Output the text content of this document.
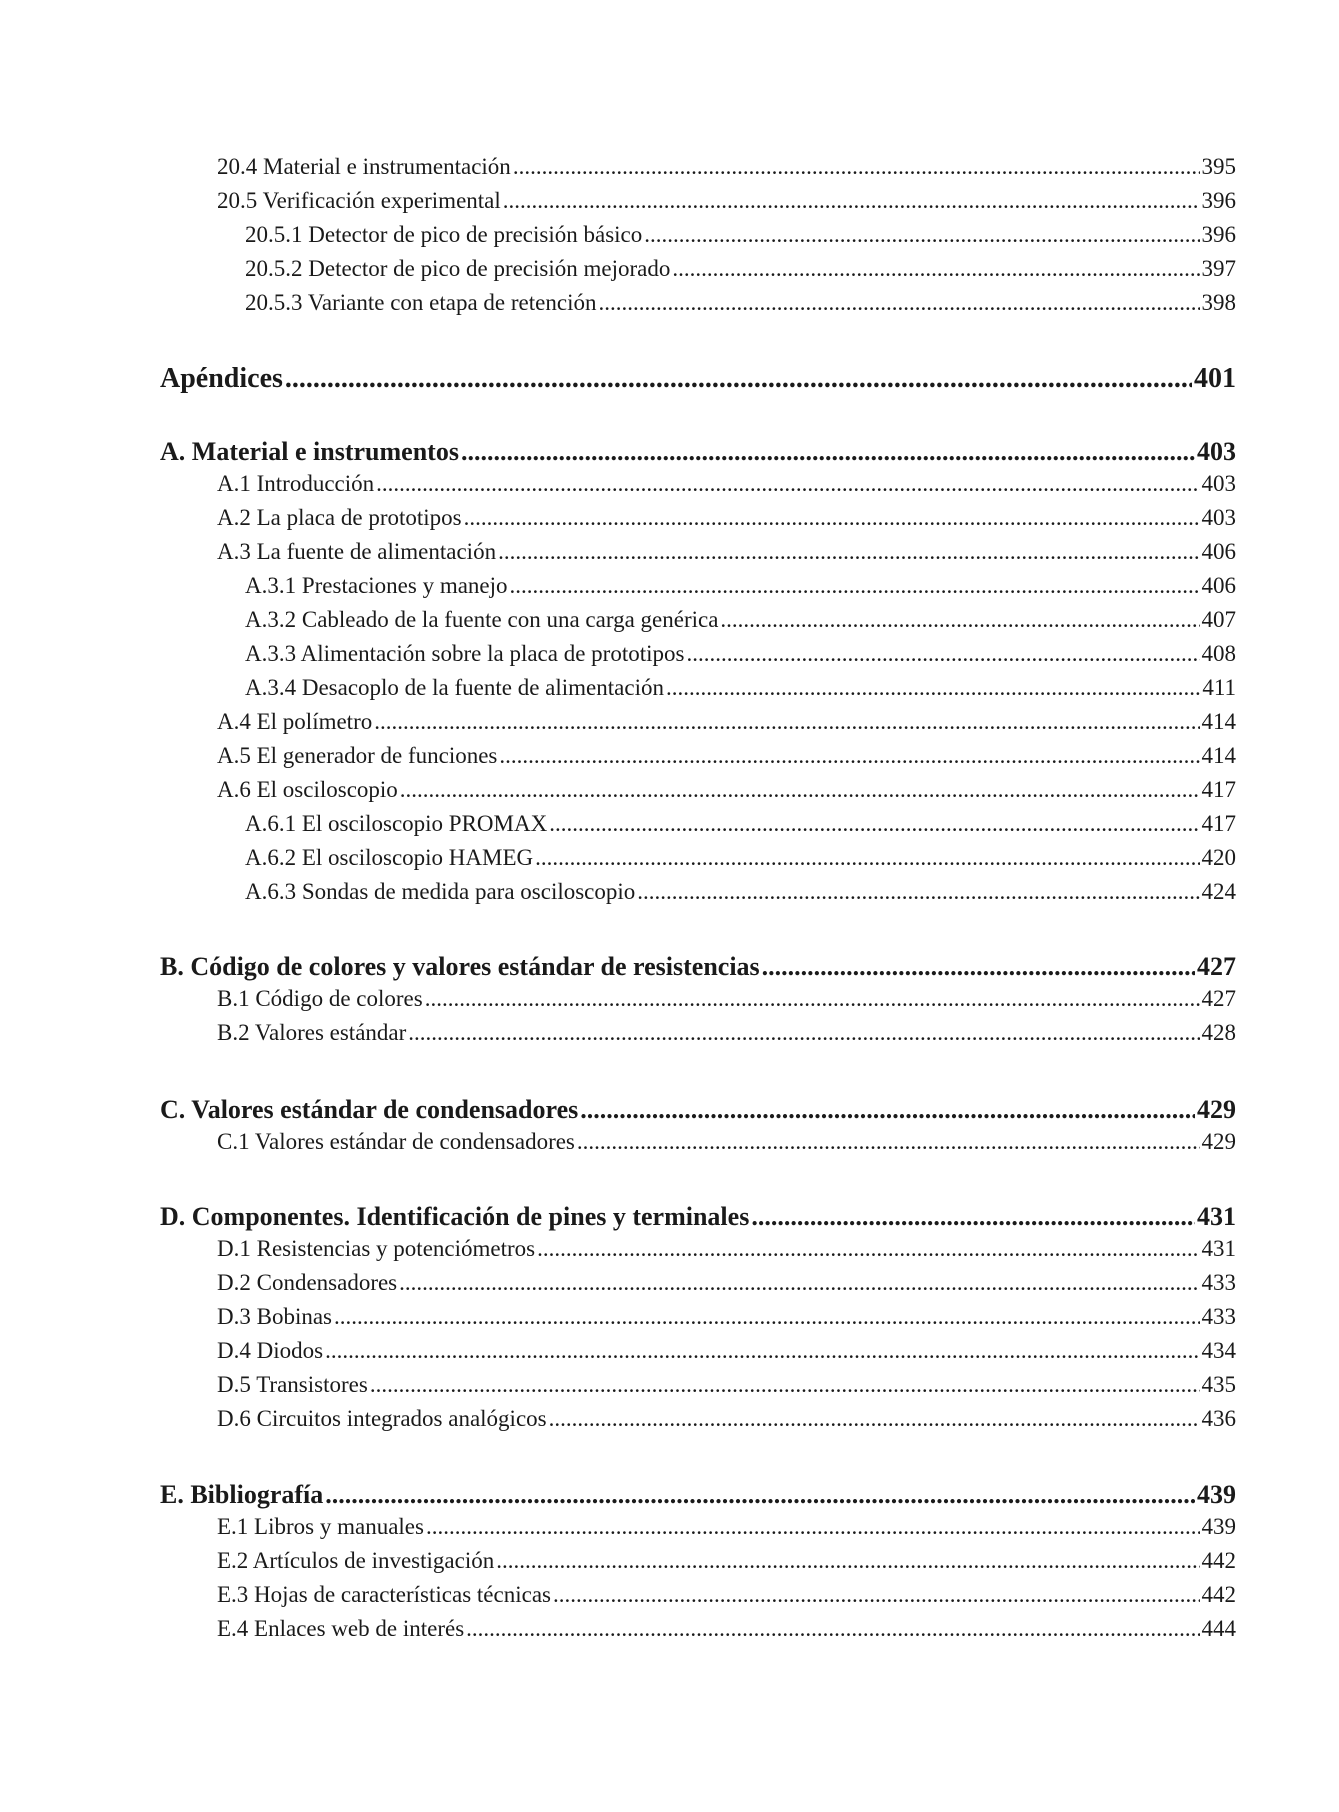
20.4 Material e instrumentación .....	395
20.5 Verificación experimental .....	396
20.5.1 Detector de pico de precisión básico .....	396
20.5.2 Detector de pico de precisión mejorado .....	397
20.5.3 Variante con etapa de retención .....	398
Apéndices .....	401
A. Material e instrumentos .....	403
A.1 Introducción .....	403
A.2 La placa de prototipos .....	403
A.3 La fuente de alimentación .....	406
A.3.1 Prestaciones y manejo .....	406
A.3.2 Cableado de la fuente con una carga genérica .....	407
A.3.3 Alimentación sobre la placa de prototipos .....	408
A.3.4 Desacoplo de la fuente de alimentación .....	411
A.4 El polímetro .....	414
A.5 El generador de funciones .....	414
A.6 El osciloscopio .....	417
A.6.1 El osciloscopio PROMAX .....	417
A.6.2 El osciloscopio HAMEG .....	420
A.6.3 Sondas de medida para osciloscopio .....	424
B. Código de colores y valores estándar de resistencias .....	427
B.1 Código de colores .....	427
B.2 Valores estándar .....	428
C. Valores estándar de condensadores .....	429
C.1 Valores estándar de condensadores .....	429
D. Componentes. Identificación de pines y terminales .....	431
D.1 Resistencias y potenciómetros .....	431
D.2 Condensadores .....	433
D.3 Bobinas .....	433
D.4 Diodos .....	434
D.5 Transistores .....	435
D.6 Circuitos integrados analógicos .....	436
E. Bibliografía .....	439
E.1 Libros y manuales .....	439
E.2 Artículos de investigación .....	442
E.3 Hojas de características técnicas .....	442
E.4 Enlaces web de interés .....	444
